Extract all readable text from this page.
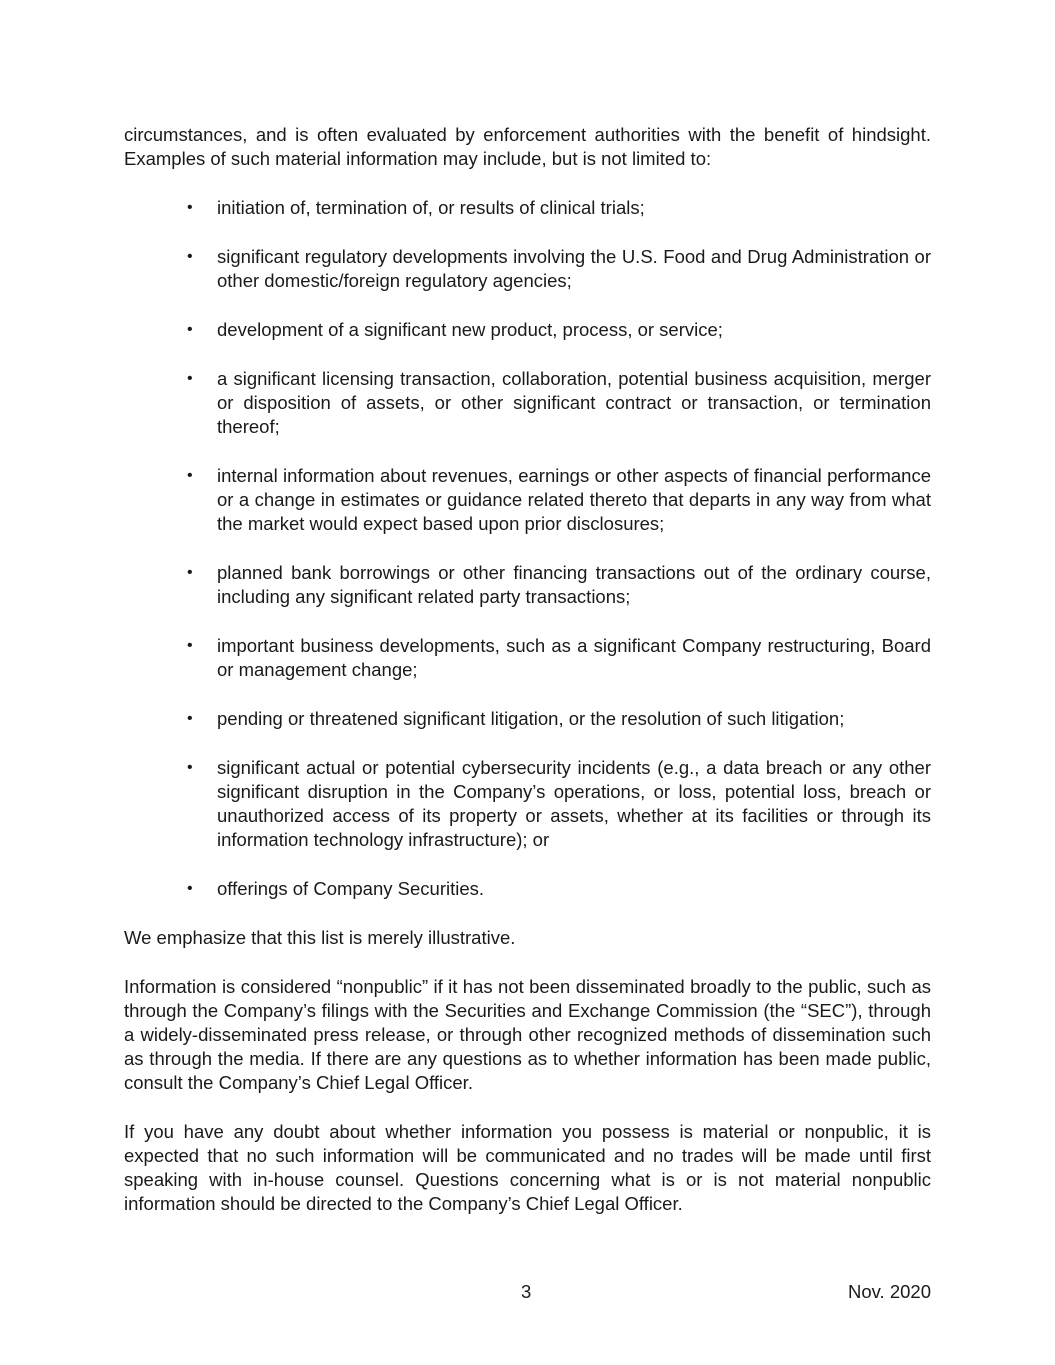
circumstances, and is often evaluated by enforcement authorities with the benefit of hindsight. Examples of such material information may include, but is not limited to:

• initiation of, termination of, or results of clinical trials;
• significant regulatory developments involving the U.S. Food and Drug Administration or other domestic/foreign regulatory agencies;
• development of a significant new product, process, or service;
• a significant licensing transaction, collaboration, potential business acquisition, merger or disposition of assets, or other significant contract or transaction, or termination thereof;
• internal information about revenues, earnings or other aspects of financial performance or a change in estimates or guidance related thereto that departs in any way from what the market would expect based upon prior disclosures;
• planned bank borrowings or other financing transactions out of the ordinary course, including any significant related party transactions;
• important business developments, such as a significant Company restructuring, Board or management change;
• pending or threatened significant litigation, or the resolution of such litigation;
• significant actual or potential cybersecurity incidents (e.g., a data breach or any other significant disruption in the Company’s operations, or loss, potential loss, breach or unauthorized access of its property or assets, whether at its facilities or through its information technology infrastructure); or
• offerings of Company Securities.

We emphasize that this list is merely illustrative.

Information is considered “nonpublic” if it has not been disseminated broadly to the public, such as through the Company’s filings with the Securities and Exchange Commission (the “SEC”), through a widely-disseminated press release, or through other recognized methods of dissemination such as through the media. If there are any questions as to whether information has been made public, consult the Company’s Chief Legal Officer.

If you have any doubt about whether information you possess is material or nonpublic, it is expected that no such information will be communicated and no trades will be made until first speaking with in-house counsel. Questions concerning what is or is not material nonpublic information should be directed to the Company’s Chief Legal Officer.

3	Nov. 2020
